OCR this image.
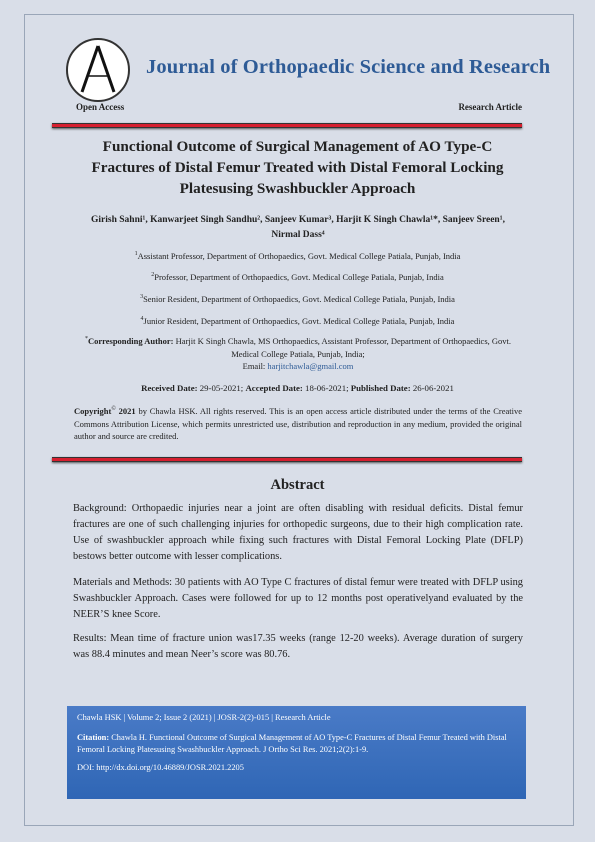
Journal of Orthopaedic Science and Research
Open Access	Research Article
Functional Outcome of Surgical Management of AO Type-C
Fractures of Distal Femur Treated with Distal Femoral Locking
Platesusing Swashbuckler Approach
Girish Sahni¹, Kanwarjeet Singh Sandhu², Sanjeev Kumar³, Harjit K Singh Chawla¹*, Sanjeev Sreen¹,
Nirmal Dass⁴
$^1$Assistant Professor, Department of Orthopaedics, Govt. Medical College Patiala, Punjab, India
$^2$Professor, Department of Orthopaedics, Govt. Medical College Patiala, Punjab, India
$^3$Senior Resident, Department of Orthopaedics, Govt. Medical College Patiala, Punjab, India
$^4$Junior Resident, Department of Orthopaedics, Govt. Medical College Patiala, Punjab, India
*Corresponding Author: Harjit K Singh Chawla, MS Orthopaedics, Assistant Professor, Department of Orthopaedics, Govt. Medical College Patiala, Punjab, India;
Email: harjitchawla@gmail.com
Received Date: 29-05-2021; Accepted Date: 18-06-2021; Published Date: 26-06-2021
Copyright© 2021 by Chawla HSK. All rights reserved. This is an open access article distributed under the terms of the Creative Commons Attribution License, which permits unrestricted use, distribution and reproduction in any medium, provided the original author and source are credited.
Abstract
Background: Orthopaedic injuries near a joint are often disabling with residual deficits. Distal femur fractures are one of such challenging injuries for orthopedic surgeons, due to their high complication rate. Use of swashbuckler approach while fixing such fractures with Distal Femoral Locking Plate (DFLP) bestows better outcome with lesser complications.
Materials and Methods: 30 patients with AO Type C fractures of distal femur were treated with DFLP using Swashbuckler Approach. Cases were followed for up to 12 months post operativelyand evaluated by the NEER’S knee Score.
Results: Mean time of fracture union was17.35 weeks (range 12-20 weeks). Average duration of surgery was 88.4 minutes and mean Neer’s score was 80.76.
Chawla HSK | Volume 2; Issue 2 (2021) | JOSR-2(2)-015 | Research Article
Citation: Chawla H. Functional Outcome of Surgical Management of AO Type-C Fractures of Distal Femur Treated with Distal Femoral Locking Platesusing Swashbuckler Approach. J Ortho Sci Res. 2021;2(2):1-9.
DOI: http://dx.doi.org/10.46889/JOSR.2021.2205
